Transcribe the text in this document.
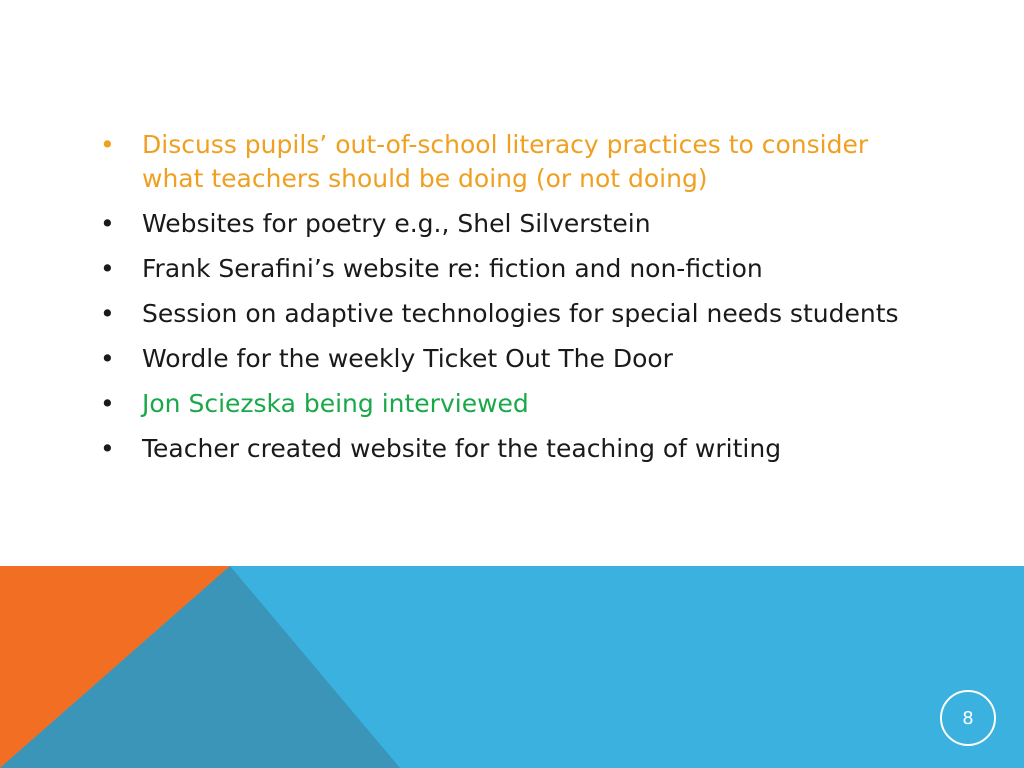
•	Discuss pupils’ out-of-school literacy practices to consider what teachers should be doing (or not doing)
•	Websites for poetry e.g., Shel Silverstein
•	Frank Serafini’s website re: fiction and non-fiction
•	Session on adaptive technologies for special needs students
•	Wordle for the weekly Ticket Out The Door
•	Jon Sciezska being interviewed
•	Teacher created website for the teaching of writing
8
